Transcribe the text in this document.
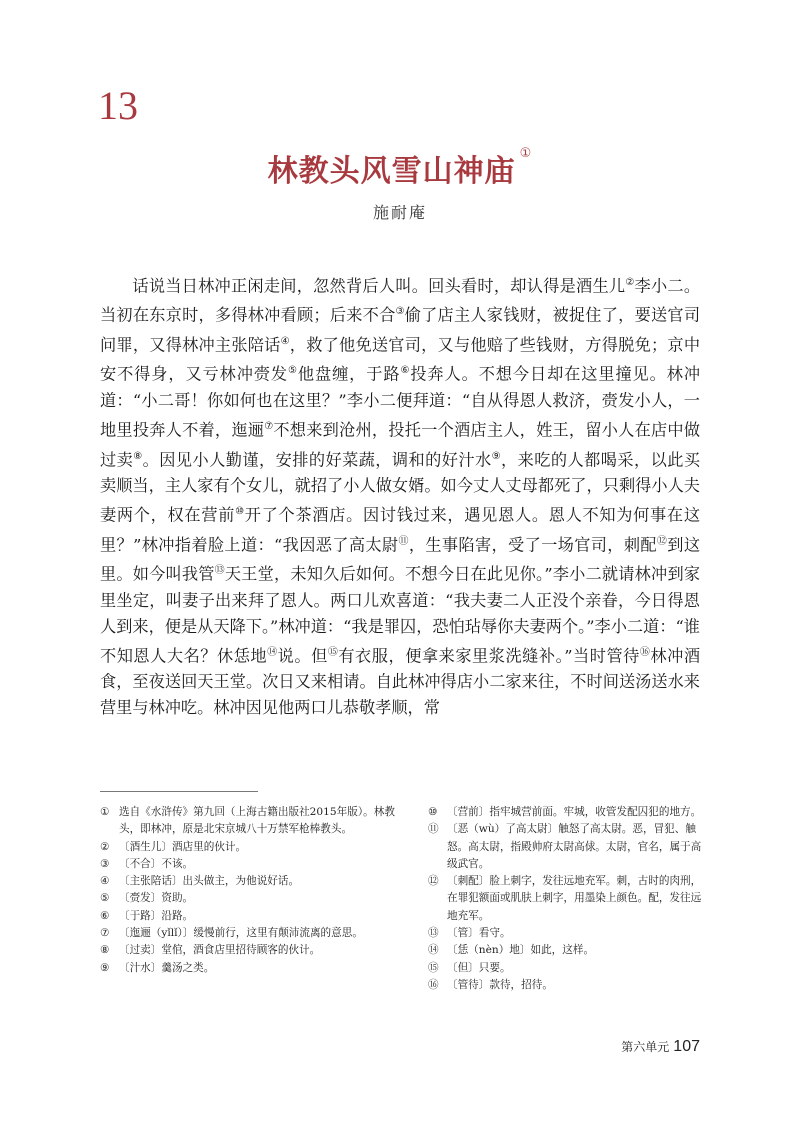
13
林教头风雪山神庙①
施耐庵

话说当日林冲正闲走间，忽然背后人叫。回头看时，却认得是酒生儿②李小二。当初在东京时，多得林冲看顾；后来不合③偷了店主人家钱财，被捉住了，要送官司问罪，又得林冲主张陪话④，救了他免送官司，又与他赔了些钱财，方得脱免；京中安不得身，又亏林冲赍发⑤他盘缠，于路⑥投奔人。不想今日却在这里撞见。林冲道：“小二哥！你如何也在这里？”李小二便拜道：“自从得恩人救济，赍发小人，一地里投奔人不着，迤逦⑦不想来到沧州，投托一个酒店主人，姓王，留小人在店中做过卖⑧。因见小人勤谨，安排的好菜蔬，调和的好汁水⑨，来吃的人都喝采，以此买卖顺当，主人家有个女儿，就招了小人做女婿。如今丈人丈母都死了，只剩得小人夫妻两个，权在营前⑩开了个茶酒店。因讨钱过来，遇见恩人。恩人不知为何事在这里？”林冲指着脸上道：“我因恶了高太尉⑪，生事陷害，受了一场官司，刺配⑫到这里。如今叫我管⑬天王堂，未知久后如何。不想今日在此见你。”李小二就请林冲到家里坐定，叫妻子出来拜了恩人。两口儿欢喜道：“我夫妻二人正没个亲眷，今日得恩人到来，便是从天降下。”林冲道：“我是罪囚，恐怕玷辱你夫妻两个。”李小二道：“谁不知恩人大名？休恁地⑭说。但⑮有衣服，便拿来家里浆洗缝补。”当时管待⑯林冲酒食，至夜送回天王堂。次日又来相请。自此林冲得店小二家来往，不时间送汤送水来营里与林冲吃。林冲因见他两口儿恭敬孝顺，常

① 选自《水浒传》第九回（上海古籍出版社2015年版）。林教头，即林冲，原是北宋京城八十万禁军枪棒教头。
② 〔酒生儿〕酒店里的伙计。
③ 〔不合〕不该。
④ 〔主张陪话〕出头做主，为他说好话。
⑤ 〔赍发〕资助。
⑥ 〔于路〕沿路。
⑦ 〔迤逦（yǐlǐ）〕缓慢前行，这里有颠沛流离的意思。
⑧ 〔过卖〕堂倌，酒食店里招待顾客的伙计。
⑨ 〔汁水〕羹汤之类。
⑩ 〔营前〕指牢城营前面。牢城，收管发配囚犯的地方。
⑪ 〔恶（wù）了高太尉〕触怒了高太尉。恶，冒犯、触怒。高太尉，指殿帅府太尉高俅。太尉，官名，属于高级武官。
⑫ 〔刺配〕脸上刺字，发往远地充军。刺，古时的肉刑，在罪犯额面或肌肤上刺字，用墨染上颜色。配，发往远地充军。
⑬ 〔管〕看守。
⑭ 〔恁（nèn）地〕如此，这样。
⑮ 〔但〕只要。
⑯ 〔管待〕款待，招待。
第六单元 107
